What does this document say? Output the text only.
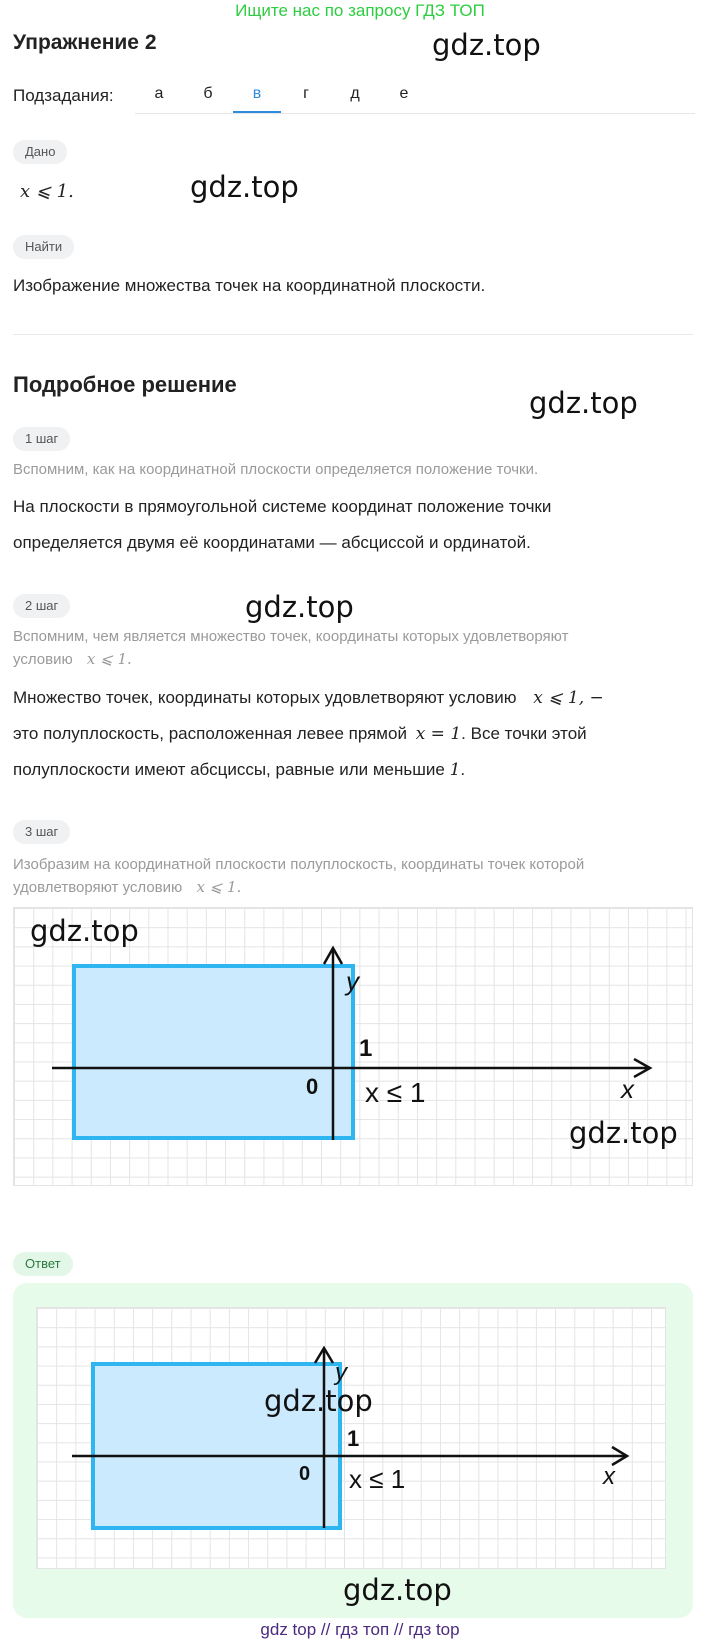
Ищите нас по запросу ГДЗ ТОП
Упражнение 2	gdz.top
Подзадания:	а	б	в	г	д	е
Дано
x ⩽ 1.	gdz.top
Найти
Изображение множества точек на координатной плоскости.
Подробное решение
gdz.top
1 шаг
Вспомним, как на координатной плоскости определяется положение точки.
На плоскости в прямоугольной системе координат положение точки
определяется двумя её координатами — абсциссой и ординатой.
2 шаг	gdz.top
Вспомним, чем является множество точек, координаты которых удовлетворяют
условию x ⩽ 1.
Множество точек, координаты которых удовлетворяют условию x ⩽ 1, −
это полуплоскость, расположенная левее прямой x = 1. Все точки этой
полуплоскости имеют абсциссы, равные или меньшие 1.
3 шаг
Изобразим на координатной плоскости полуплоскость, координаты точек которой
удовлетворяют условию x ⩽ 1.
y
x
0
1
x ≤ 1
gdz.top
gdz.top
Ответ
y
x
0
1
x ≤ 1
gdz.top
gdz.top
gdz top // гдз топ // гдз top
